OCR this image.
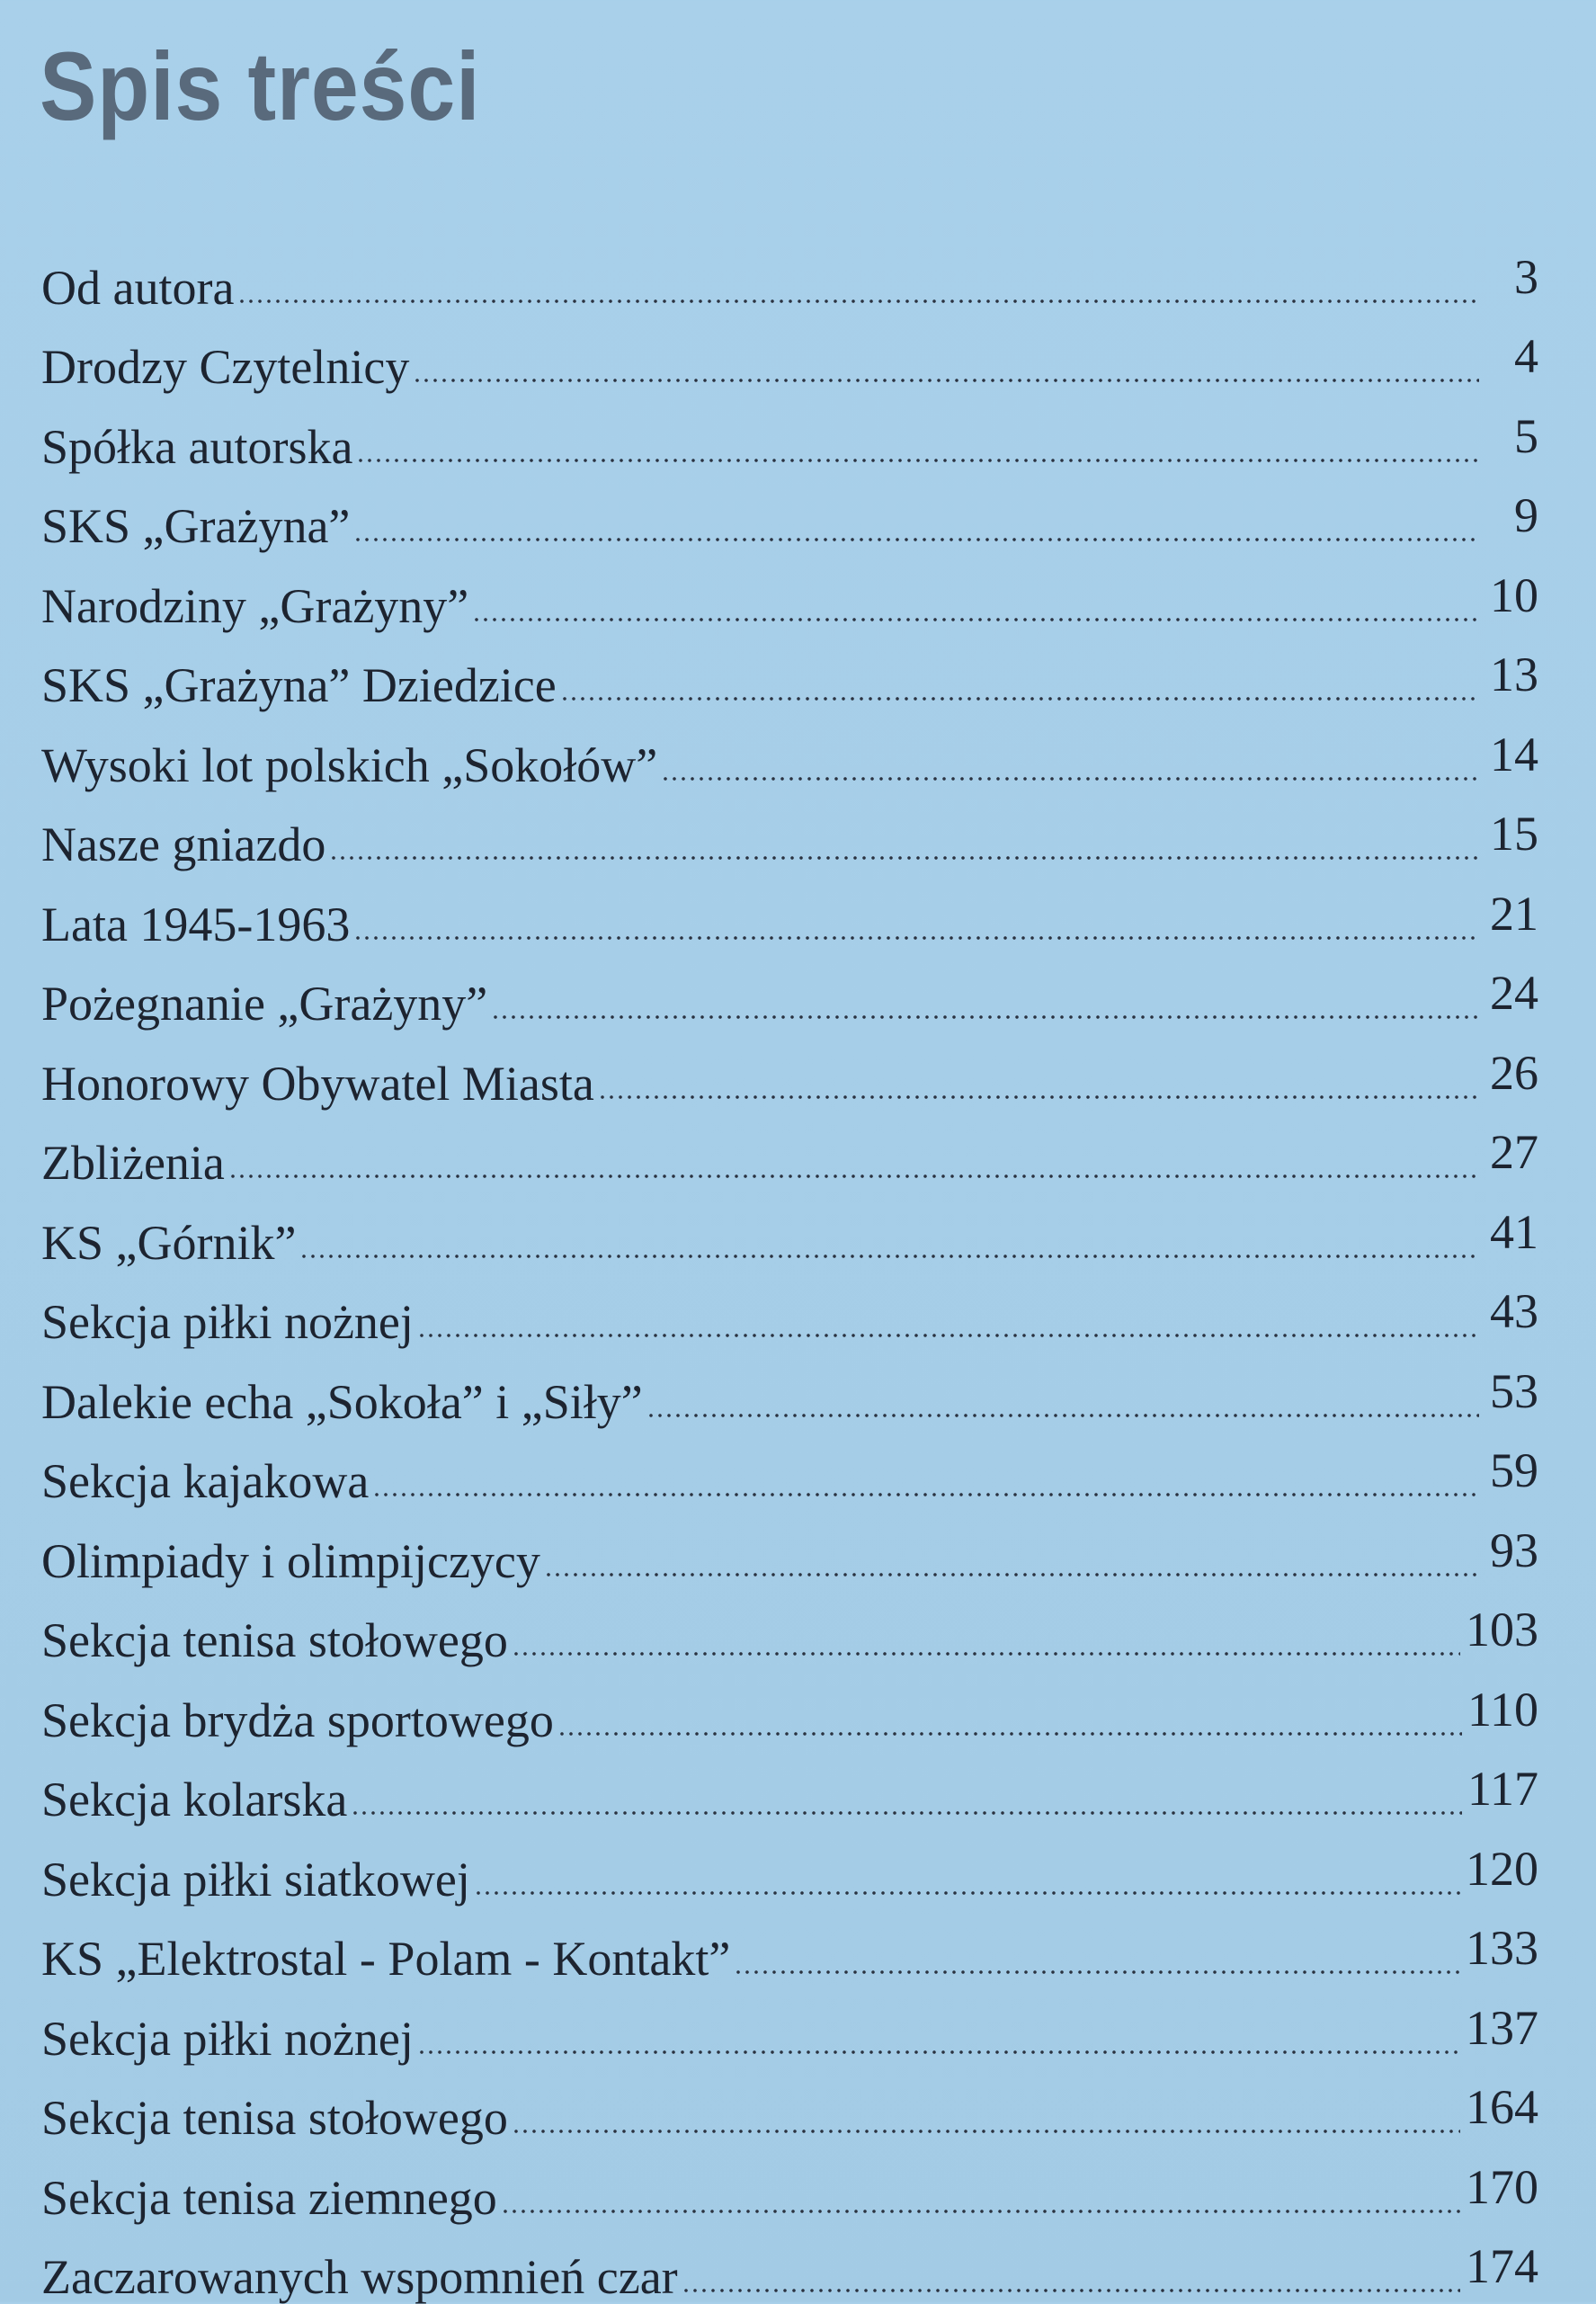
Spis treści
Od autora	3
Drodzy Czytelnicy	4
Spółka autorska	5
SKS „Grażyna”	9
Narodziny „Grażyny”	10
SKS „Grażyna” Dziedzice	13
Wysoki lot polskich „Sokołów”	14
Nasze gniazdo	15
Lata 1945-1963	21
Pożegnanie „Grażyny”	24
Honorowy Obywatel Miasta	26
Zbliżenia	27
KS „Górnik”	41
Sekcja piłki nożnej	43
Dalekie echa „Sokoła” i „Siły”	53
Sekcja kajakowa	59
Olimpiady i olimpijczycy	93
Sekcja tenisa stołowego	103
Sekcja brydża sportowego	110
Sekcja kolarska	117
Sekcja piłki siatkowej	120
KS „Elektrostal - Polam - Kontakt”	133
Sekcja piłki nożnej	137
Sekcja tenisa stołowego	164
Sekcja tenisa ziemnego	170
Zaczarowanych wspomnień czar	174
